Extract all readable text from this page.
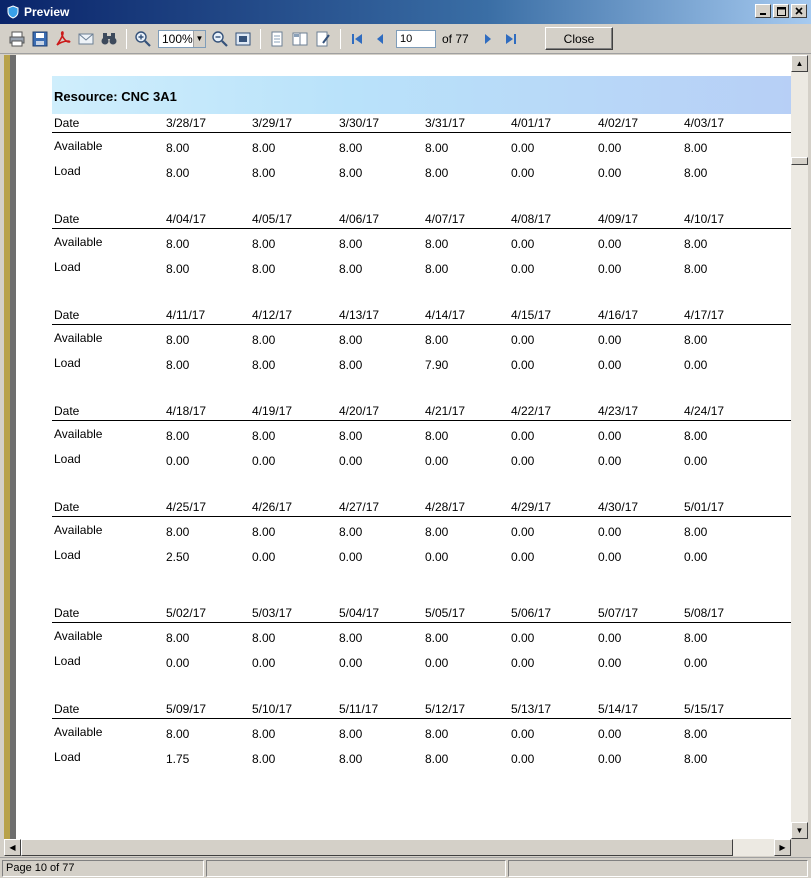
Preview
100% ▼
10	of 77	Close
Resource: CNC 3A1
Date	3/28/17	3/29/17	3/30/17	3/31/17	4/01/17	4/02/17	4/03/17
Available	8.00	8.00	8.00	8.00	0.00	0.00	8.00
Load	8.00	8.00	8.00	8.00	0.00	0.00	8.00
Date	4/04/17	4/05/17	4/06/17	4/07/17	4/08/17	4/09/17	4/10/17
Available	8.00	8.00	8.00	8.00	0.00	0.00	8.00
Load	8.00	8.00	8.00	8.00	0.00	0.00	8.00
Date	4/11/17	4/12/17	4/13/17	4/14/17	4/15/17	4/16/17	4/17/17
Available	8.00	8.00	8.00	8.00	0.00	0.00	8.00
Load	8.00	8.00	8.00	7.90	0.00	0.00	0.00
Date	4/18/17	4/19/17	4/20/17	4/21/17	4/22/17	4/23/17	4/24/17
Available	8.00	8.00	8.00	8.00	0.00	0.00	8.00
Load	0.00	0.00	0.00	0.00	0.00	0.00	0.00
Date	4/25/17	4/26/17	4/27/17	4/28/17	4/29/17	4/30/17	5/01/17
Available	8.00	8.00	8.00	8.00	0.00	0.00	8.00
Load	2.50	0.00	0.00	0.00	0.00	0.00	0.00
Date	5/02/17	5/03/17	5/04/17	5/05/17	5/06/17	5/07/17	5/08/17
Available	8.00	8.00	8.00	8.00	0.00	0.00	8.00
Load	0.00	0.00	0.00	0.00	0.00	0.00	0.00
Date	5/09/17	5/10/17	5/11/17	5/12/17	5/13/17	5/14/17	5/15/17
Available	8.00	8.00	8.00	8.00	0.00	0.00	8.00
Load	1.75	8.00	8.00	8.00	0.00	0.00	8.00
▲
▼
◀	▶
Page 10 of 77
